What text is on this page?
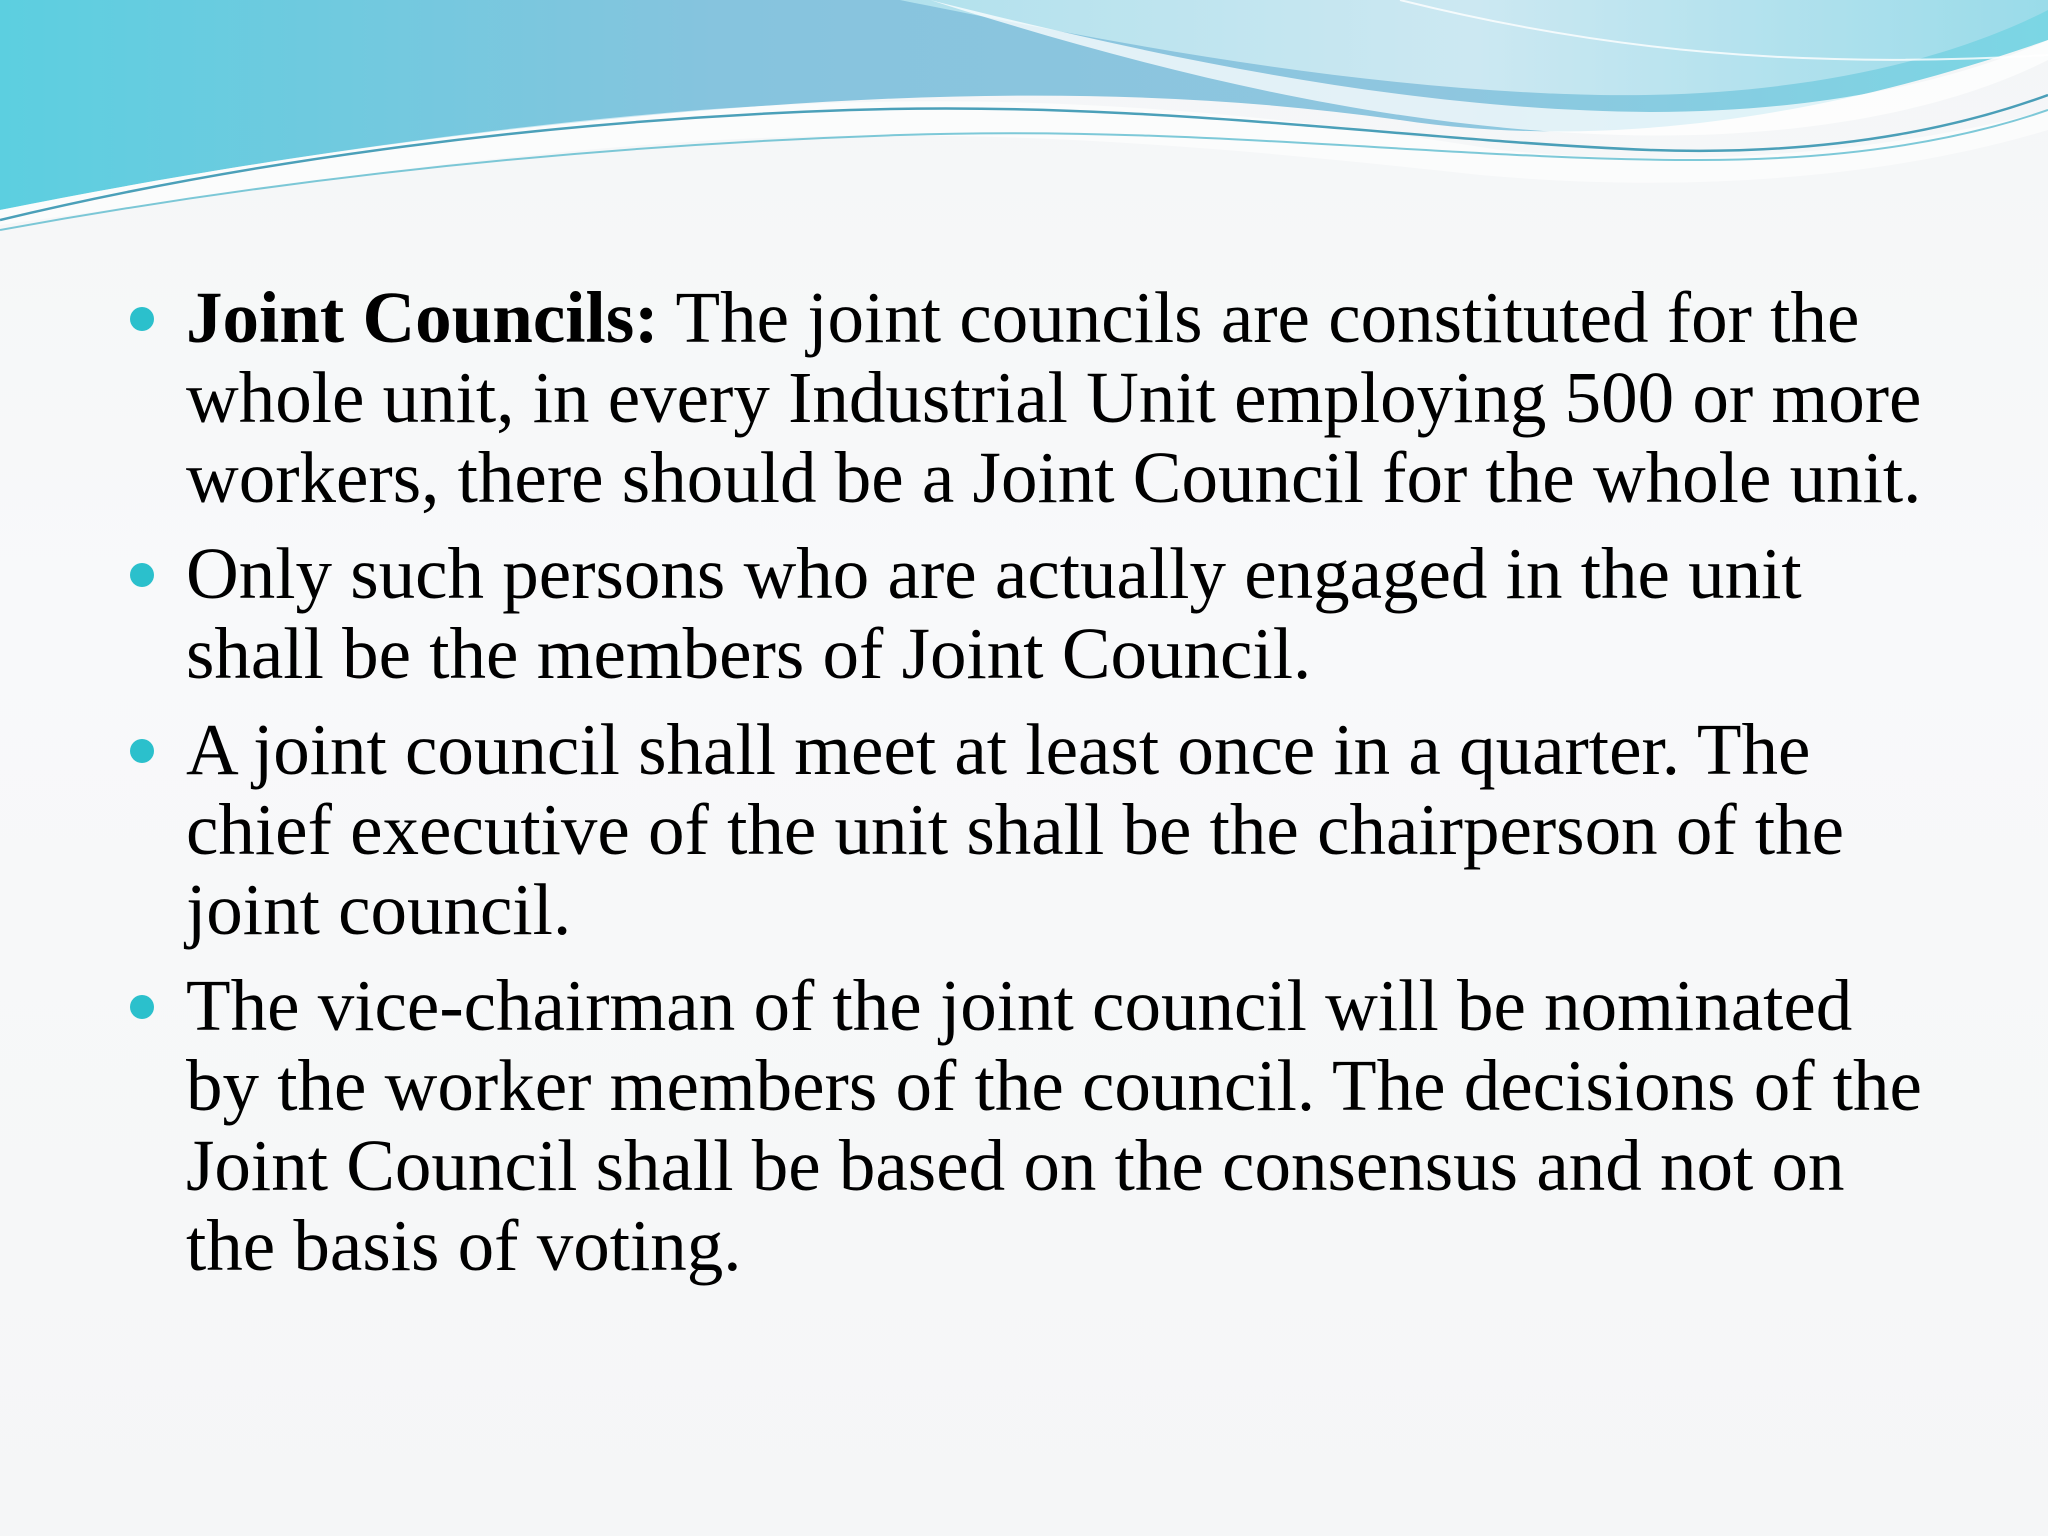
Joint Councils: The joint councils are constituted for the whole unit, in every Industrial Unit employing 500 or more workers, there should be a Joint Council for the whole unit.
Only such persons who are actually engaged in the unit shall be the members of Joint Council.
A joint council shall meet at least once in a quarter. The chief executive of the unit shall be the chairperson of the joint council.
The vice-chairman of the joint council will be nominated by the worker members of the council. The decisions of the Joint Council shall be based on the consensus and not on the basis of voting.
